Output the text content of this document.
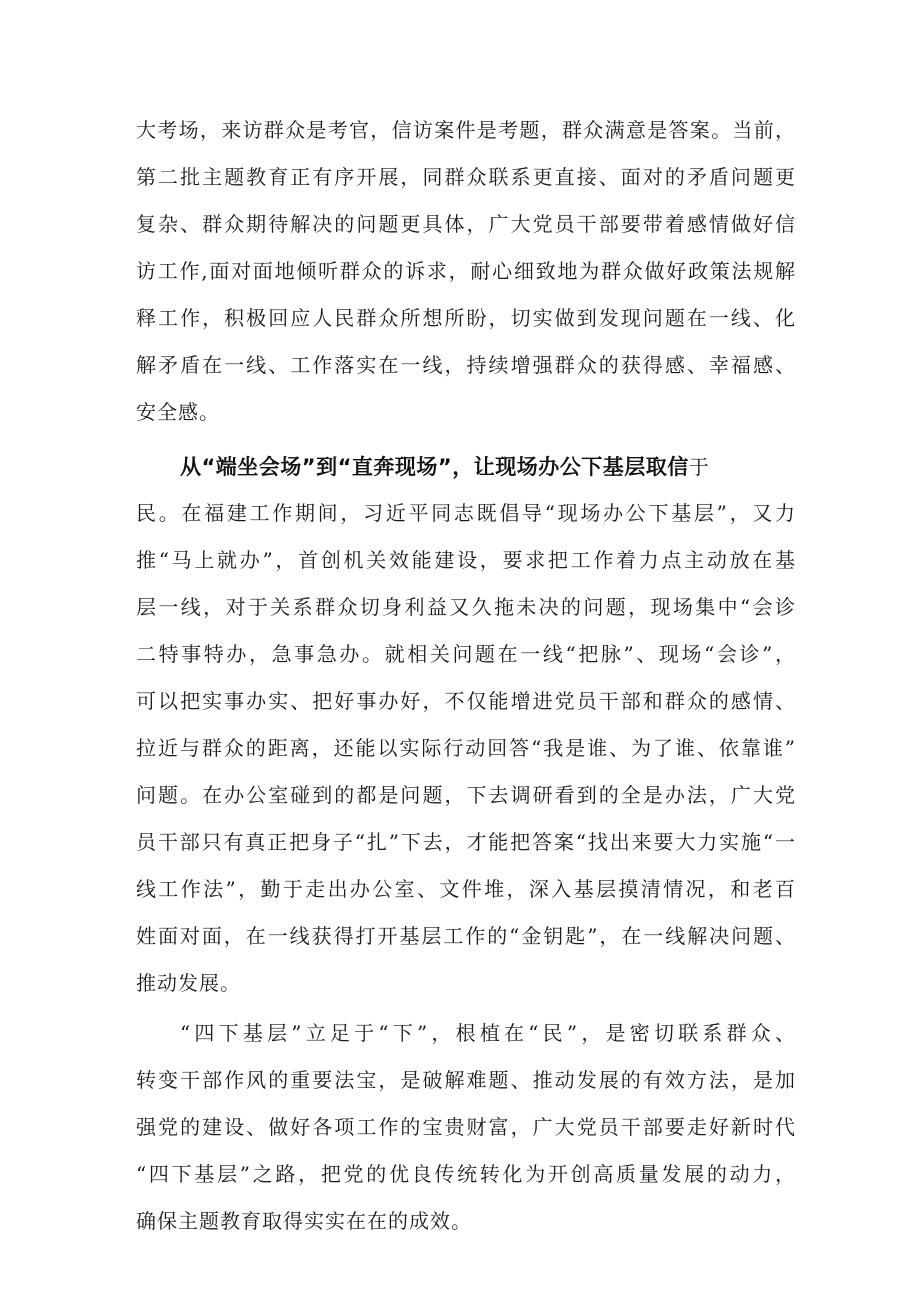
大考场，来访群众是考官，信访案件是考题，群众满意是答案。当前，
第二批主题教育正有序开展，同群众联系更直接、面对的矛盾问题更
复杂、群众期待解决的问题更具体，广大党员干部要带着感情做好信
访工作,面对面地倾听群众的诉求，耐心细致地为群众做好政策法规解
释工作，积极回应人民群众所想所盼，切实做到发现问题在一线、化
解矛盾在一线、工作落实在一线，持续增强群众的获得感、幸福感、
安全感。
从“端坐会场”到“直奔现场”，让现场办公下基层取信于
民。在福建工作期间，习近平同志既倡导“现场办公下基层”，又力
推“马上就办”，首创机关效能建设，要求把工作着力点主动放在基
层一线，对于关系群众切身利益又久拖未决的问题，现场集中“会诊
二特事特办，急事急办。就相关问题在一线“把脉”、现场“会诊”，
可以把实事办实、把好事办好，不仅能增进党员干部和群众的感情、
拉近与群众的距离，还能以实际行动回答“我是谁、为了谁、依靠谁”
问题。在办公室碰到的都是问题，下去调研看到的全是办法，广大党
员干部只有真正把身子“扎”下去，才能把答案“找出来要大力实施“一
线工作法”，勤于走出办公室、文件堆，深入基层摸清情况，和老百
姓面对面，在一线获得打开基层工作的“金钥匙”，在一线解决问题、
推动发展。
“四下基层”立足于“下”，根植在“民”，是密切联系群众、
转变干部作风的重要法宝，是破解难题、推动发展的有效方法，是加
强党的建设、做好各项工作的宝贵财富，广大党员干部要走好新时代
“四下基层”之路，把党的优良传统转化为开创高质量发展的动力，
确保主题教育取得实实在在的成效。
